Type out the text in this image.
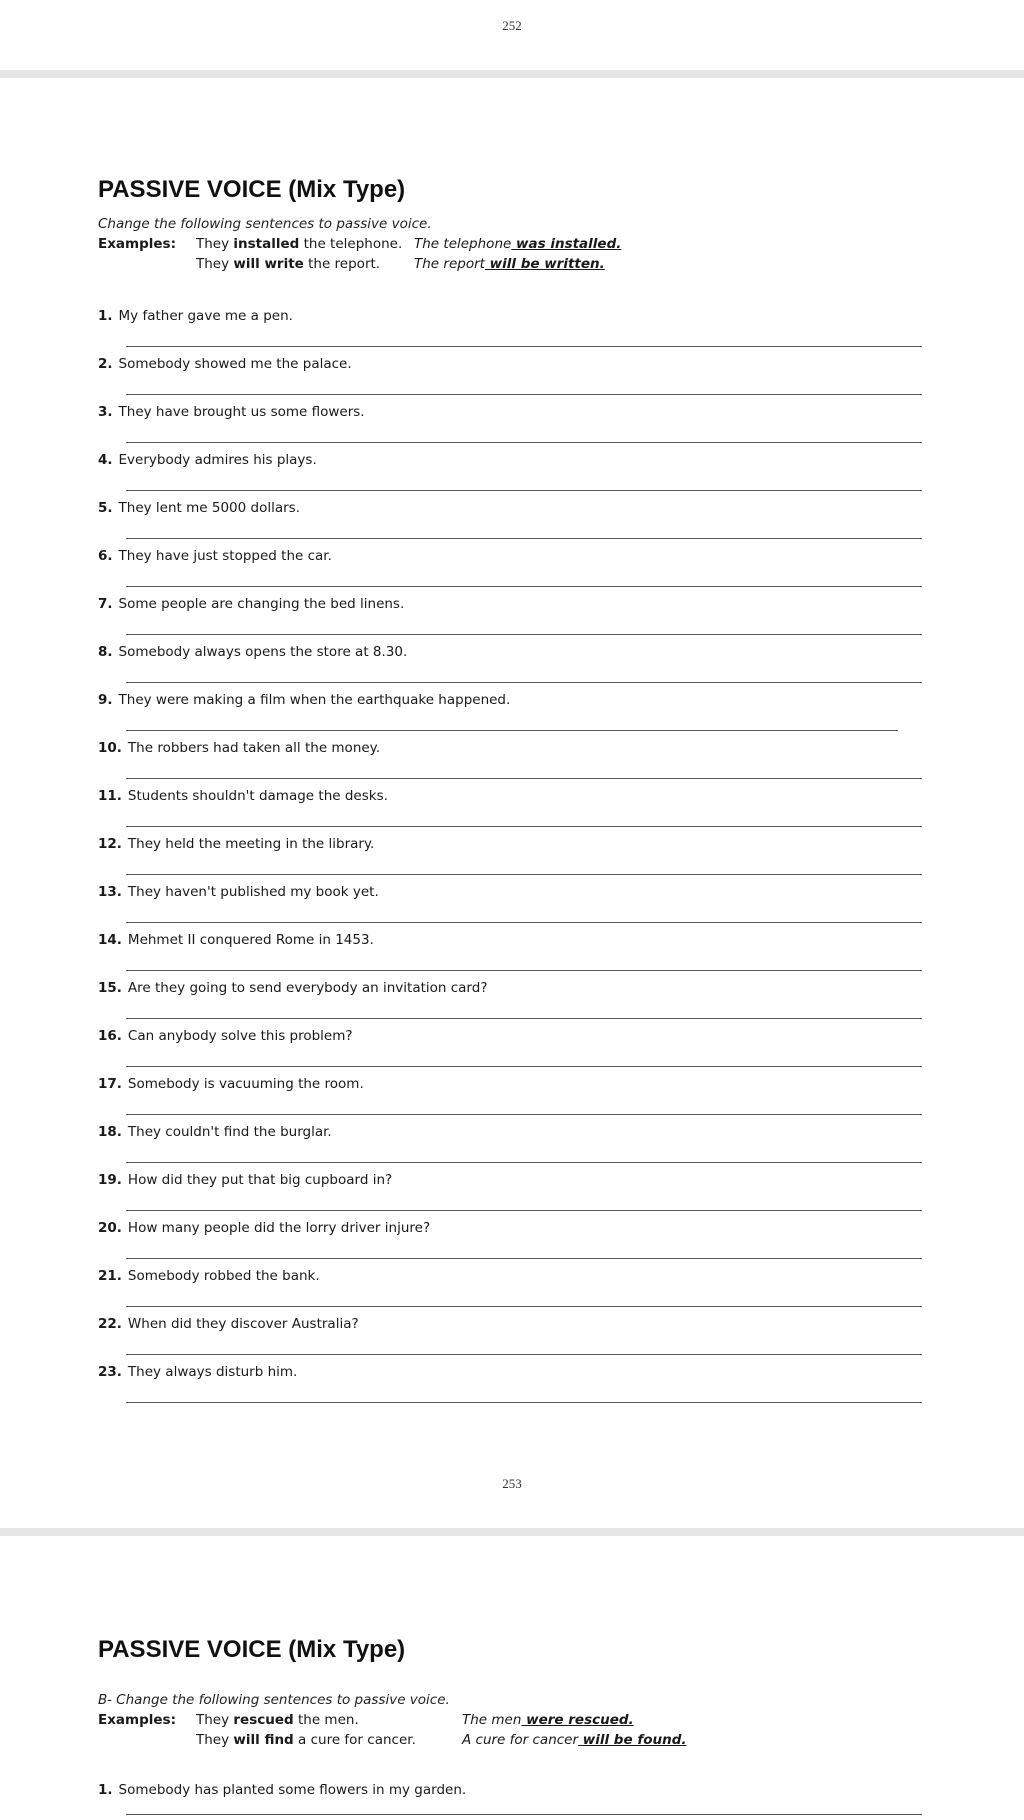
252
PASSIVE VOICE (Mix Type)
Change the following sentences to passive voice.
Examples: They installed the telephone. The telephone was installed.
They will write the report.	The report will be written.
1. My father gave me a pen.
2. Somebody showed me the palace.
3. They have brought us some flowers.
4. Everybody admires his plays.
5. They lent me 5000 dollars.
6. They have just stopped the car.
7. Some people are changing the bed linens.
8. Somebody always opens the store at 8.30.
9. They were making a film when the earthquake happened.
10. The robbers had taken all the money.
11. Students shouldn't damage the desks.
12. They held the meeting in the library.
13. They haven't published my book yet.
14. Mehmet II conquered Rome in 1453.
15. Are they going to send everybody an invitation card?
16. Can anybody solve this problem?
17. Somebody is vacuuming the room.
18. They couldn't find the burglar.
19. How did they put that big cupboard in?
20. How many people did the lorry driver injure?
21. Somebody robbed the bank.
22. When did they discover Australia?
23. They always disturb him.
253
PASSIVE VOICE (Mix Type)
B- Change the following sentences to passive voice.
Examples: They rescued the men.	The men were rescued.
They will find a cure for cancer.	A cure for cancer will be found.
1. Somebody has planted some flowers in my garden.
